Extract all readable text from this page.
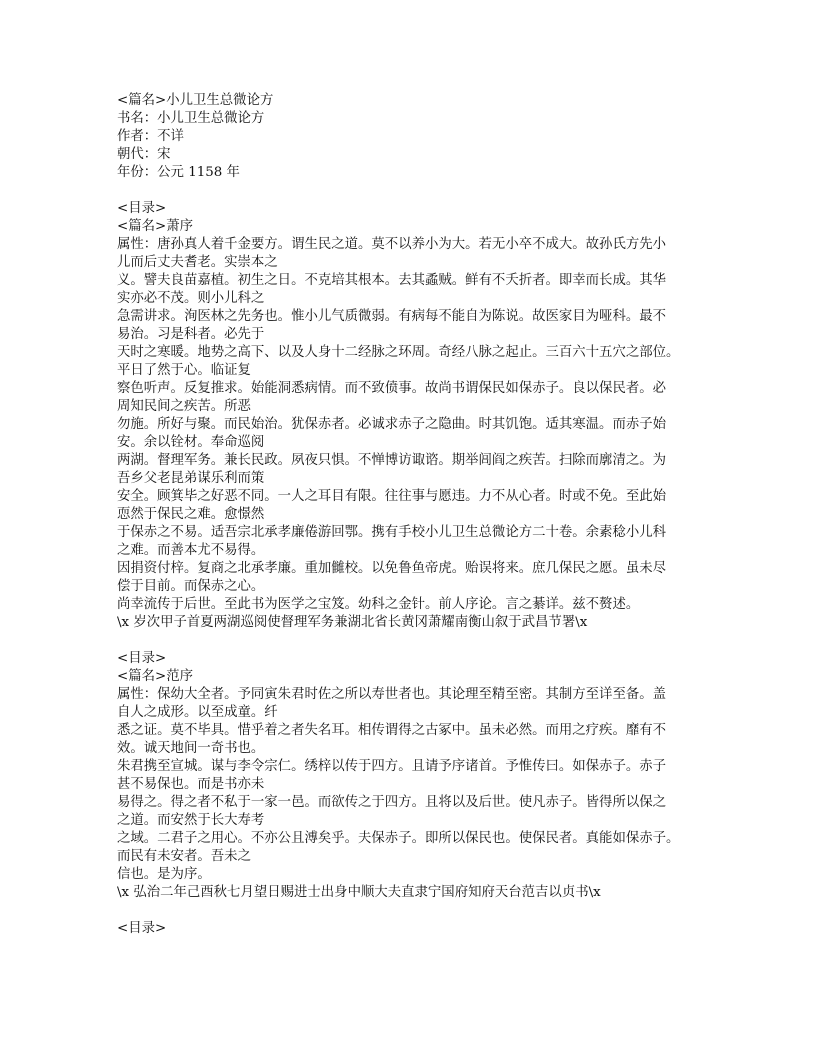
<篇名>小儿卫生总微论方
书名：小儿卫生总微论方
作者：不详
朝代：宋
年份：公元 1158 年
<目录>
<篇名>萧序
属性：唐孙真人着千金要方。谓生民之道。莫不以养小为大。若无小卒不成大。故孙氏方先小
儿而后丈夫耆老。实崇本之
义。譬夫良苗嘉植。初生之日。不克培其根本。去其蟊贼。鲜有不夭折者。即幸而长成。其华
实亦必不茂。则小儿科之
急需讲求。洵医林之先务也。惟小儿气质微弱。有病每不能自为陈说。故医家目为哑科。最不
易治。习是科者。必先于
天时之寒暖。地势之高下、以及人身十二经脉之环周。奇经八脉之起止。三百六十五穴之部位。
平日了然于心。临证复
察色听声。反复推求。始能洞悉病情。而不致偾事。故尚书谓保民如保赤子。良以保民者。必
周知民间之疾苦。所恶
勿施。所好与聚。而民始治。犹保赤者。必诚求赤子之隐曲。时其饥饱。适其寒温。而赤子始
安。余以铨材。奉命巡阅
两湖。督理军务。兼长民政。夙夜只惧。不惮博访诹谘。期举闾阎之疾苦。扫除而廓清之。为
吾乡父老昆弟谋乐利而策
安全。顾箕毕之好恶不同。一人之耳目有限。往往事与愿违。力不从心者。时或不免。至此始
恧然于保民之难。愈憬然
于保赤之不易。适吾宗北承孝廉倦游回鄂。携有手校小儿卫生总微论方二十卷。余素稔小儿科
之难。而善本尤不易得。
因捐资付梓。复商之北承孝廉。重加雠校。以免鲁鱼帝虎。贻误将来。庶几保民之愿。虽未尽
偿于目前。而保赤之心。
尚幸流传于后世。至此书为医学之宝笈。幼科之金针。前人序论。言之綦详。兹不赘述。
\x 岁次甲子首夏两湖巡阅使督理军务兼湖北省长黄冈萧耀南衡山叙于武昌节署\x
<目录>
<篇名>范序
属性：保幼大全者。予同寅朱君时佐之所以寿世者也。其论理至精至密。其制方至详至备。盖
自人之成形。以至成童。纤
悉之证。莫不毕具。惜乎着之者失名耳。相传谓得之古冢中。虽未必然。而用之疗疾。靡有不
效。诚天地间一奇书也。
朱君携至宣城。谋与李令宗仁。绣梓以传于四方。且请予序诸首。予惟传曰。如保赤子。赤子
甚不易保也。而是书亦未
易得之。得之者不私于一家一邑。而欲传之于四方。且将以及后世。使凡赤子。皆得所以保之
之道。而安然于长大寿考
之域。二君子之用心。不亦公且溥矣乎。夫保赤子。即所以保民也。使保民者。真能如保赤子。
而民有未安者。吾未之
信也。是为序。
\x 弘治二年己酉秋七月望日赐进士出身中顺大夫直隶宁国府知府天台范吉以贞书\x
<目录>
